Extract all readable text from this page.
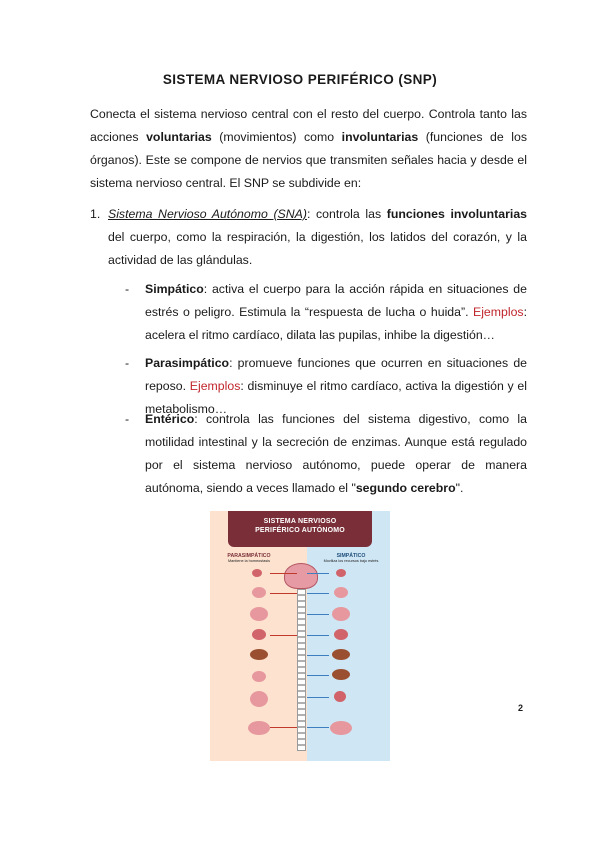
SISTEMA NERVIOSO PERIFÉRICO (SNP)
Conecta el sistema nervioso central con el resto del cuerpo. Controla tanto las acciones voluntarias (movimientos) como involuntarias (funciones de los órganos). Este se compone de nervios que transmiten señales hacia y desde el sistema nervioso central. El SNP se subdivide en:
1. Sistema Nervioso Autónomo (SNA): controla las funciones involuntarias del cuerpo, como la respiración, la digestión, los latidos del corazón, y la actividad de las glándulas.
- Simpático: activa el cuerpo para la acción rápida en situaciones de estrés o peligro. Estimula la “respuesta de lucha o huida”. Ejemplos: acelera el ritmo cardíaco, dilata las pupilas, inhibe la digestión…
- Parasimpático: promueve funciones que ocurren en situaciones de reposo. Ejemplos: disminuye el ritmo cardíaco, activa la digestión y el metabolismo…
- Entérico: controla las funciones del sistema digestivo, como la motilidad intestinal y la secreción de enzimas. Aunque está regulado por el sistema nervioso autónomo, puede operar de manera autónoma, siendo a veces llamado el "segundo cerebro".
SISTEMA NERVIOSO
PERIFÉRICO AUTÓNOMO
PARASIMPÁTICO
Mantiene la homeostasis
SIMPÁTICO
Moviliza los recursos bajo estrés
2
